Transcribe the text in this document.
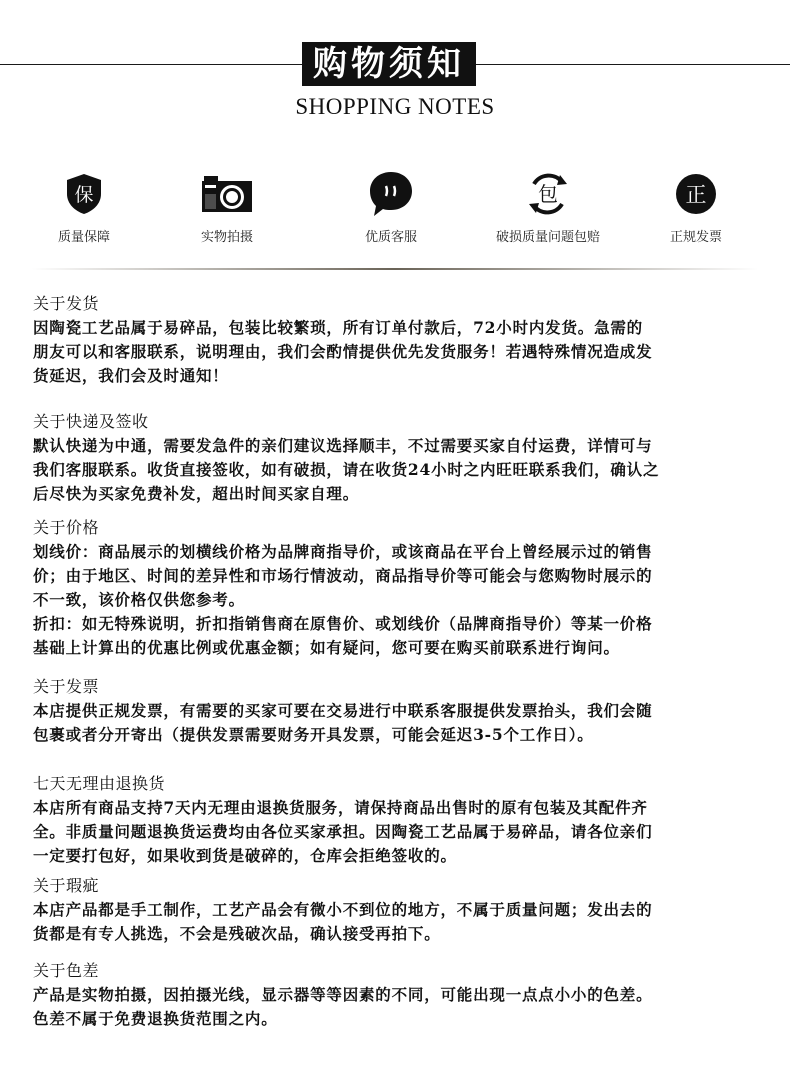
购物须知
SHOPPING NOTES
保
质量保障	实物拍摄	优质客服
包
破损质量问题包赔
正
正规发票
关于发货

因陶瓷工艺品属于易碎品，包装比较繁琐，所有订单付款后，72小时内发货。急需的

朋友可以和客服联系，说明理由，我们会酌情提供优先发货服务！若遇特殊情况造成发

货延迟，我们会及时通知！

关于快递及签收

默认快递为中通，需要发急件的亲们建议选择顺丰，不过需要买家自付运费，详情可与

我们客服联系。收货直接签收，如有破损，请在收货24小时之内旺旺联系我们，确认之

后尽快为买家免费补发，超出时间买家自理。

关于价格

划线价：商品展示的划横线价格为品牌商指导价，或该商品在平台上曾经展示过的销售

价；由于地区、时间的差异性和市场行情波动，商品指导价等可能会与您购物时展示的

不一致，该价格仅供您参考。

折扣：如无特殊说明，折扣指销售商在原售价、或划线价（品牌商指导价）等某一价格

基础上计算出的优惠比例或优惠金额；如有疑问，您可要在购买前联系进行询问。

关于发票

本店提供正规发票，有需要的买家可要在交易进行中联系客服提供发票抬头，我们会随

包裹或者分开寄出（提供发票需要财务开具发票，可能会延迟3-5个工作日）。

七天无理由退换货

本店所有商品支持7天内无理由退换货服务，请保持商品出售时的原有包装及其配件齐

全。非质量问题退换货运费均由各位买家承担。因陶瓷工艺品属于易碎品，请各位亲们

一定要打包好，如果收到货是破碎的，仓库会拒绝签收的。

关于瑕疵

本店产品都是手工制作，工艺产品会有微小不到位的地方，不属于质量问题；发出去的

货都是有专人挑选，不会是残破次品，确认接受再拍下。

关于色差

产品是实物拍摄，因拍摄光线，显示器等等因素的不同，可能出现一点点小小的色差。

色差不属于免费退换货范围之内。
